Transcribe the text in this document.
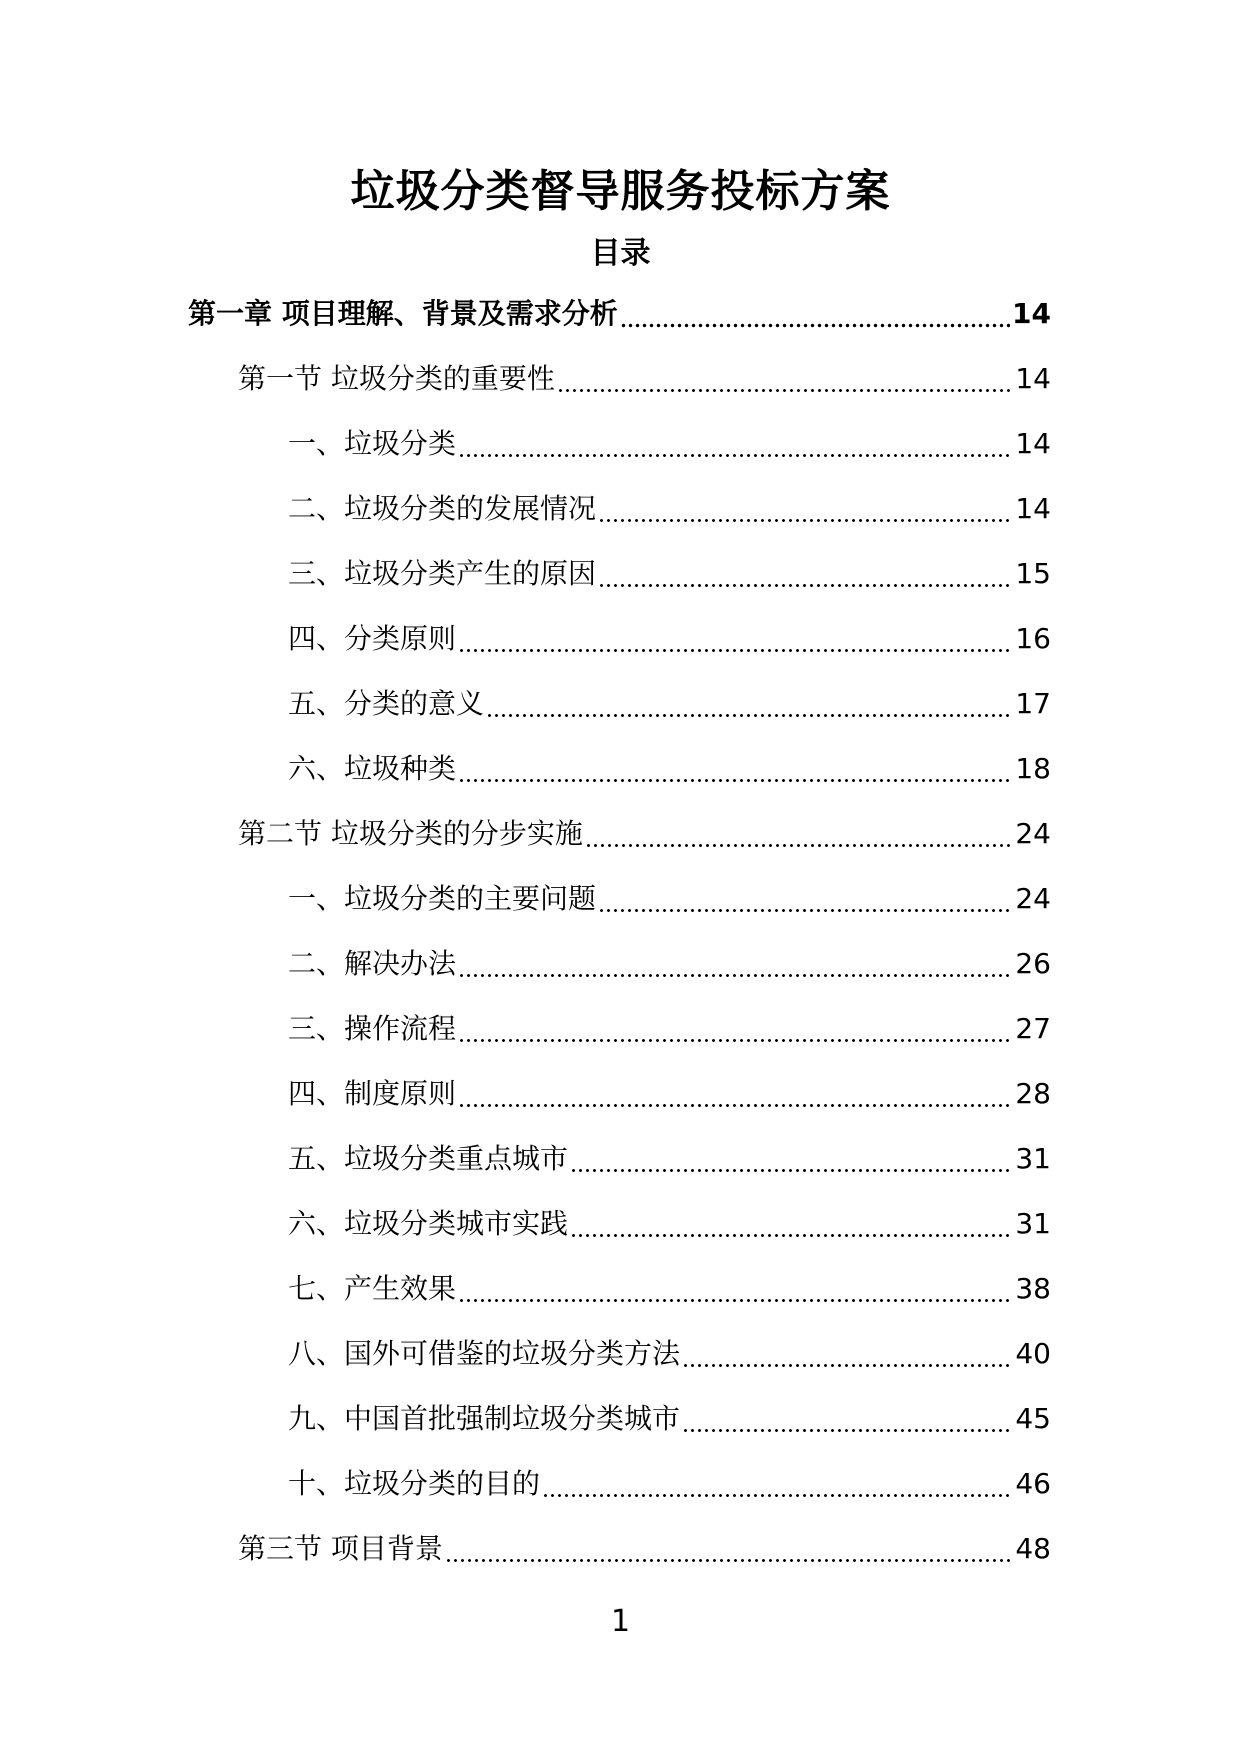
垃圾分类督导服务投标方案
目录
第一章 项目理解、背景及需求分析	14
第一节 垃圾分类的重要性	14
一、垃圾分类	14
二、垃圾分类的发展情况	14
三、垃圾分类产生的原因	15
四、分类原则	16
五、分类的意义	17
六、垃圾种类	18
第二节 垃圾分类的分步实施	24
一、垃圾分类的主要问题	24
二、解决办法	26
三、操作流程	27
四、制度原则	28
五、垃圾分类重点城市	31
六、垃圾分类城市实践	31
七、产生效果	38
八、国外可借鉴的垃圾分类方法	40
九、中国首批强制垃圾分类城市	45
十、垃圾分类的目的	46
第三节 项目背景	48
1
